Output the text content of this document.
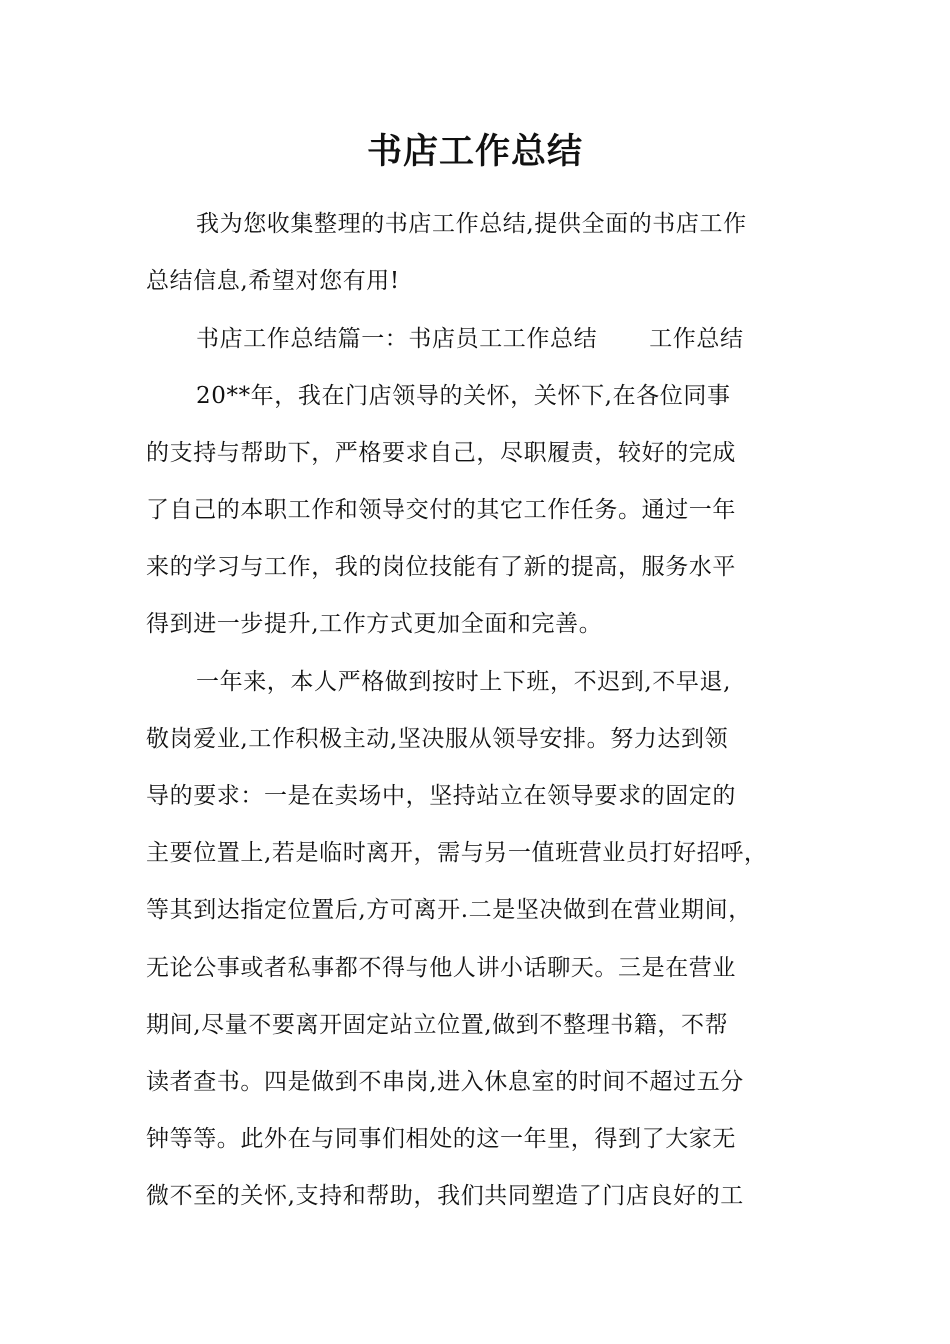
书店工作总结
我为您收集整理的书店工作总结,提供全面的书店工作
总结信息,希望对您有用!
书店工作总结篇一：书店员工工作总结 工作总结
20**年，我在门店领导的关怀，关怀下,在各位同事
的支持与帮助下，严格要求自己，尽职履责，较好的完成
了自己的本职工作和领导交付的其它工作任务。通过一年
来的学习与工作，我的岗位技能有了新的提高，服务水平
得到进一步提升,工作方式更加全面和完善。
一年来，本人严格做到按时上下班，不迟到,不早退,
敬岗爱业,工作积极主动,坚决服从领导安排。努力达到领
导的要求：一是在卖场中，坚持站立在领导要求的固定的
主要位置上,若是临时离开，需与另一值班营业员打好招呼，
等其到达指定位置后,方可离开.二是坚决做到在营业期间，
无论公事或者私事都不得与他人讲小话聊天。三是在营业
期间,尽量不要离开固定站立位置,做到不整理书籍，不帮
读者查书。四是做到不串岗,进入休息室的时间不超过五分
钟等等。此外在与同事们相处的这一年里，得到了大家无
微不至的关怀,支持和帮助，我们共同塑造了门店良好的工
